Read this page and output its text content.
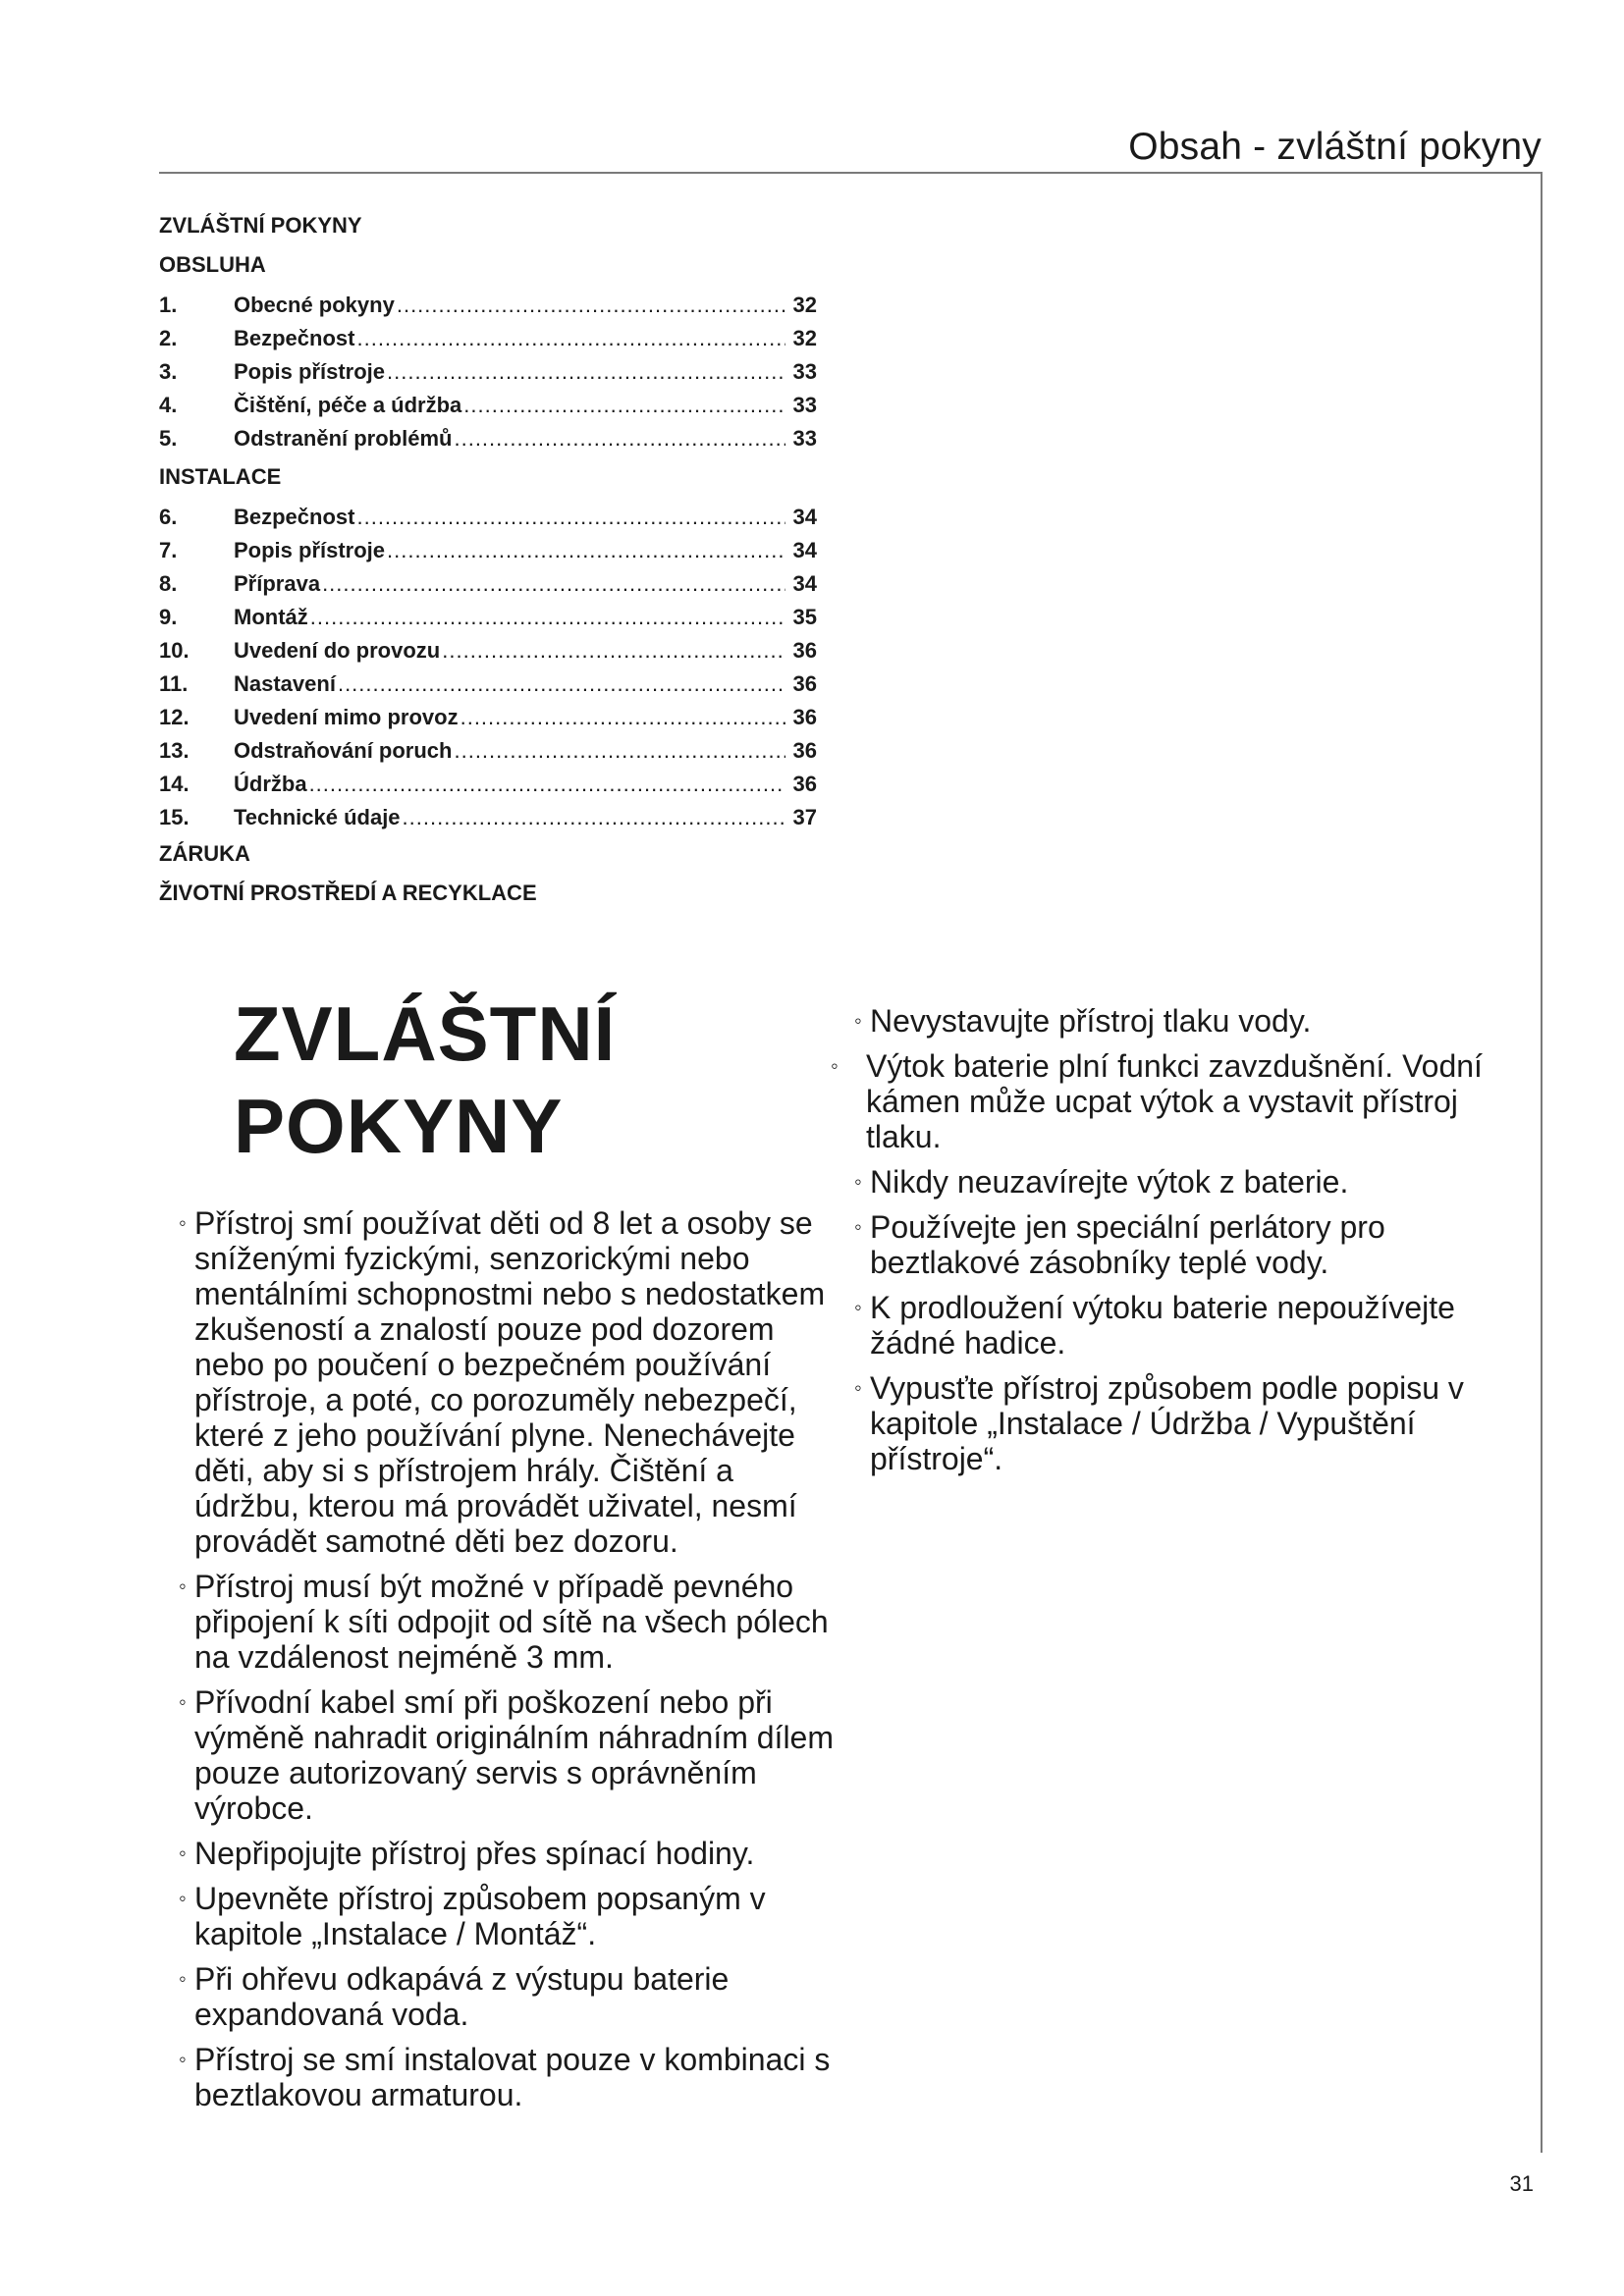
Obsah - zvláštní pokyny
ZVLÁŠTNÍ POKYNY
OBSLUHA
1.	Obecné pokyny .....	32
2.	Bezpečnost .....	32
3.	Popis přístroje .....	33
4.	Čištění, péče a údržba .....	33
5.	Odstranění problémů .....	33
INSTALACE
6.	Bezpečnost .....	34
7.	Popis přístroje .....	34
8.	Příprava .....	34
9.	Montáž .....	35
10.	Uvedení do provozu .....	36
11.	Nastavení .....	36
12.	Uvedení mimo provoz .....	36
13.	Odstraňování poruch .....	36
14.	Údržba .....	36
15.	Technické údaje .....	37
ZÁRUKA
ŽIVOTNÍ PROSTŘEDÍ A RECYKLACE
ZVLÁŠTNÍ
POKYNY
◦ Přístroj smí používat děti od 8 let a osoby se sníženými fyzickými, senzorickými nebo mentálními schopnostmi nebo s nedostatkem zkušeností a znalostí pouze pod dozorem nebo po poučení o bezpečném používání přístroje, a poté, co porozuměly nebezpečí, které z jeho používání plyne. Nenechávejte děti, aby si s přístrojem hrály. Čištění a údržbu, kterou má provádět uživatel, nesmí provádět samotné děti bez dozoru.
◦ Přístroj musí být možné v případě pevného připojení k síti odpojit od sítě na všech pólech na vzdálenost nejméně 3 mm.
◦ Přívodní kabel smí při poškození nebo při výměně nahradit originálním náhradním dílem pouze autorizovaný servis s oprávněním výrobce.
◦ Nepřipojujte přístroj přes spínací hodiny.
◦ Upevněte přístroj způsobem popsaným v kapitole „Instalace / Montáž“.
◦ Při ohřevu odkapává z výstupu baterie expandovaná voda.
◦ Přístroj se smí instalovat pouze v kombinaci s beztlakovou armaturou.
◦ Nevystavujte přístroj tlaku vody.
◦ Výtok baterie plní funkci zavzdušnění. Vodní kámen může ucpat výtok a vystavit přístroj tlaku.
◦ Nikdy neuzavírejte výtok z baterie.
◦ Používejte jen speciální perlátory pro beztlakové zásobníky teplé vody.
◦ K prodloužení výtoku baterie nepoužívejte žádné hadice.
◦ Vypusťte přístroj způsobem podle popisu v kapitole „Instalace / Údržba / Vypuštění přístroje“.
31
